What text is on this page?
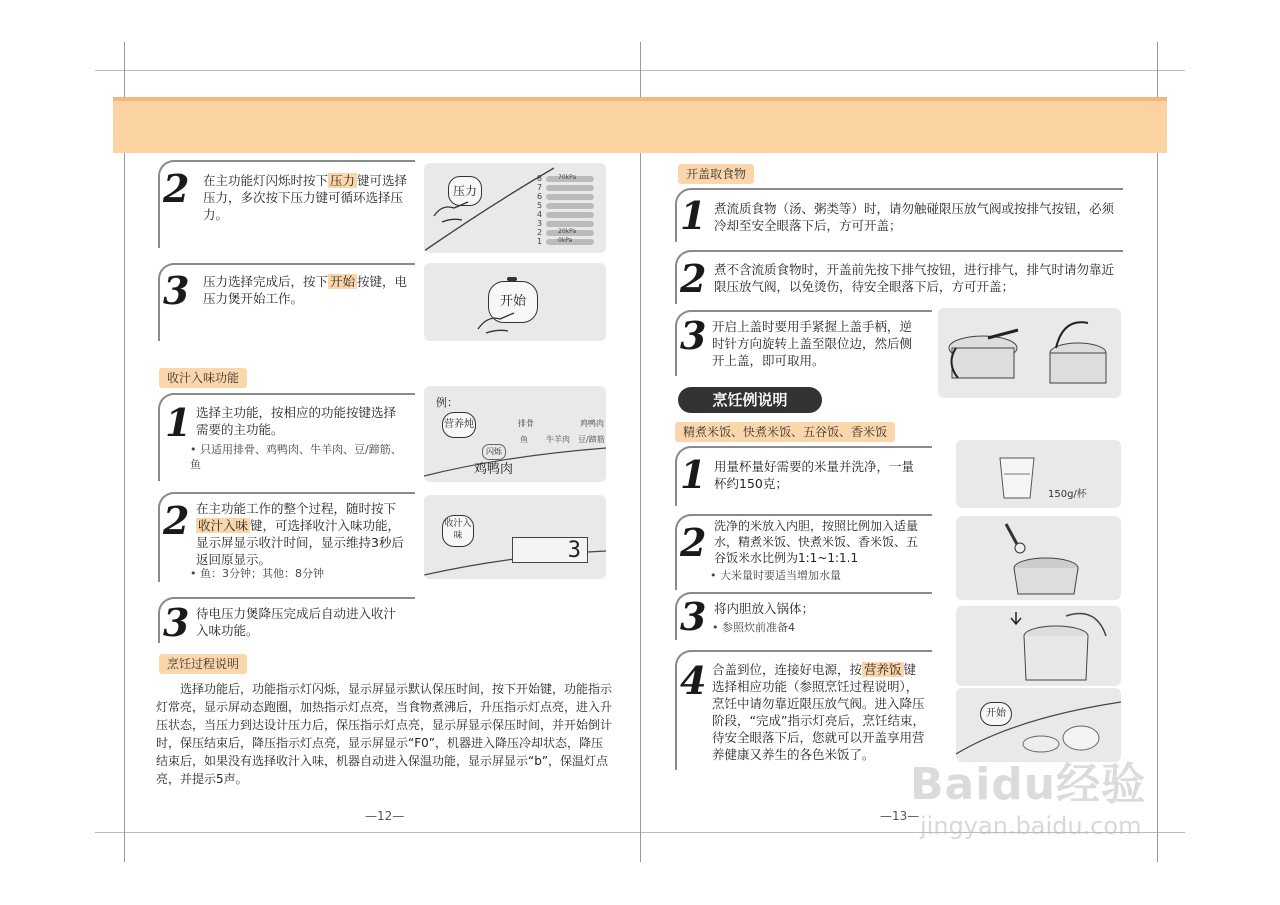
2 在主功能灯闪烁时按下 压力 键可选择压力，多次按下压力键可循环选择压力。
压力
8
7
6
5
4
3
2
1
70kPa
20kPa
0kPa
3 压力选择完成后，按下 开始 按键，电压力煲开始工作。	开始
收汁入味功能
1 选择主功能，按相应的功能按键选择需要的主功能。
• 只适用排骨、鸡鸭肉、牛羊肉、豆/蹄筋、鱼
例：
营养炖	排骨	鸡鸭肉
鱼 牛羊肉 豆/蹄筋
闪烁
鸡鸭肉
2 在主功能工作的整个过程，随时按下收汁入味 键，可选择收汁入味功能，显示屏显示收汁时间，显示维持3秒后返回原显示。
• 鱼：3分钟；其他：8分钟
收汁入味
3
3 待电压力煲降压完成后自动进入收汁入味功能。
烹饪过程说明
选择功能后，功能指示灯闪烁，显示屏显示默认保压时间，按下开始键，功能指示灯常亮，显示屏动态跑圈，加热指示灯点亮，当食物煮沸后，升压指示灯点亮，进入升压状态，当压力到达设计压力后，保压指示灯点亮，显示屏显示保压时间，并开始倒计时，保压结束后，降压指示灯点亮，显示屏显示“F0”，机器进入降压冷却状态，降压结束后，如果没有选择收汁入味，机器自动进入保温功能，显示屏显示“b”，保温灯点亮，并提示5声。
—12—
开盖取食物
1 煮流质食物（汤、粥类等）时，请勿触碰限压放气阀或按排气按钮，必须冷却至安全眼落下后，方可开盖；
2 煮不含流质食物时，开盖前先按下排气按钮，进行排气，排气时请勿靠近限压放气阀，以免烫伤，待安全眼落下后，方可开盖；
3 开启上盖时要用手紧握上盖手柄，逆时针方向旋转上盖至限位边，然后侧开上盖，即可取用。
烹饪例说明
精煮米饭、快煮米饭、五谷饭、香米饭
1 用量杯量好需要的米量并洗净，一量杯约150克；
150g/杯
2 洗净的米放入内胆，按照比例加入适量水，精煮米饭、快煮米饭、香米饭、五谷饭米水比例为1:1~1:1.1
• 大米量时要适当增加水量
3 将内胆放入锅体；
• 参照炊前准备4
4 合盖到位，连接好电源，按 营养饭 键选择相应功能（参照烹饪过程说明），烹饪中请勿靠近限压放气阀。进入降压阶段，“完成”指示灯亮后，烹饪结束，待安全眼落下后，您就可以开盖享用营养健康又养生的各色米饭了。
开始
—13—
Baidu经验
jingyan.baidu.com
